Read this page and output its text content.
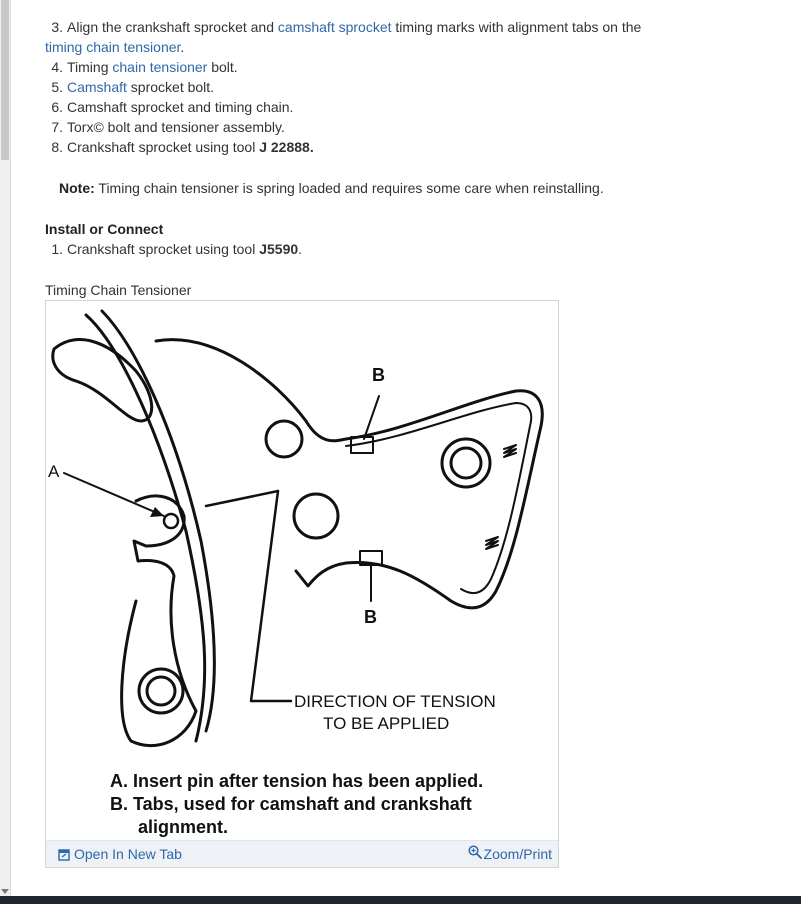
3. Align the crankshaft sprocket and camshaft sprocket timing marks with alignment tabs on the
timing chain tensioner.
4. Timing chain tensioner bolt.
5. Camshaft sprocket bolt.
6. Camshaft sprocket and timing chain.
7. Torx© bolt and tensioner assembly.
8. Crankshaft sprocket using tool J 22888.
Note: Timing chain tensioner is spring loaded and requires some care when reinstalling.
Install or Connect
1. Crankshaft sprocket using tool J5590.
Timing Chain Tensioner
A
B
B
DIRECTION OF TENSION
TO BE APPLIED
A. Insert pin after tension has been applied.
B. Tabs, used for camshaft and crankshaft
alignment.
Open In New Tab	Zoom/Print
